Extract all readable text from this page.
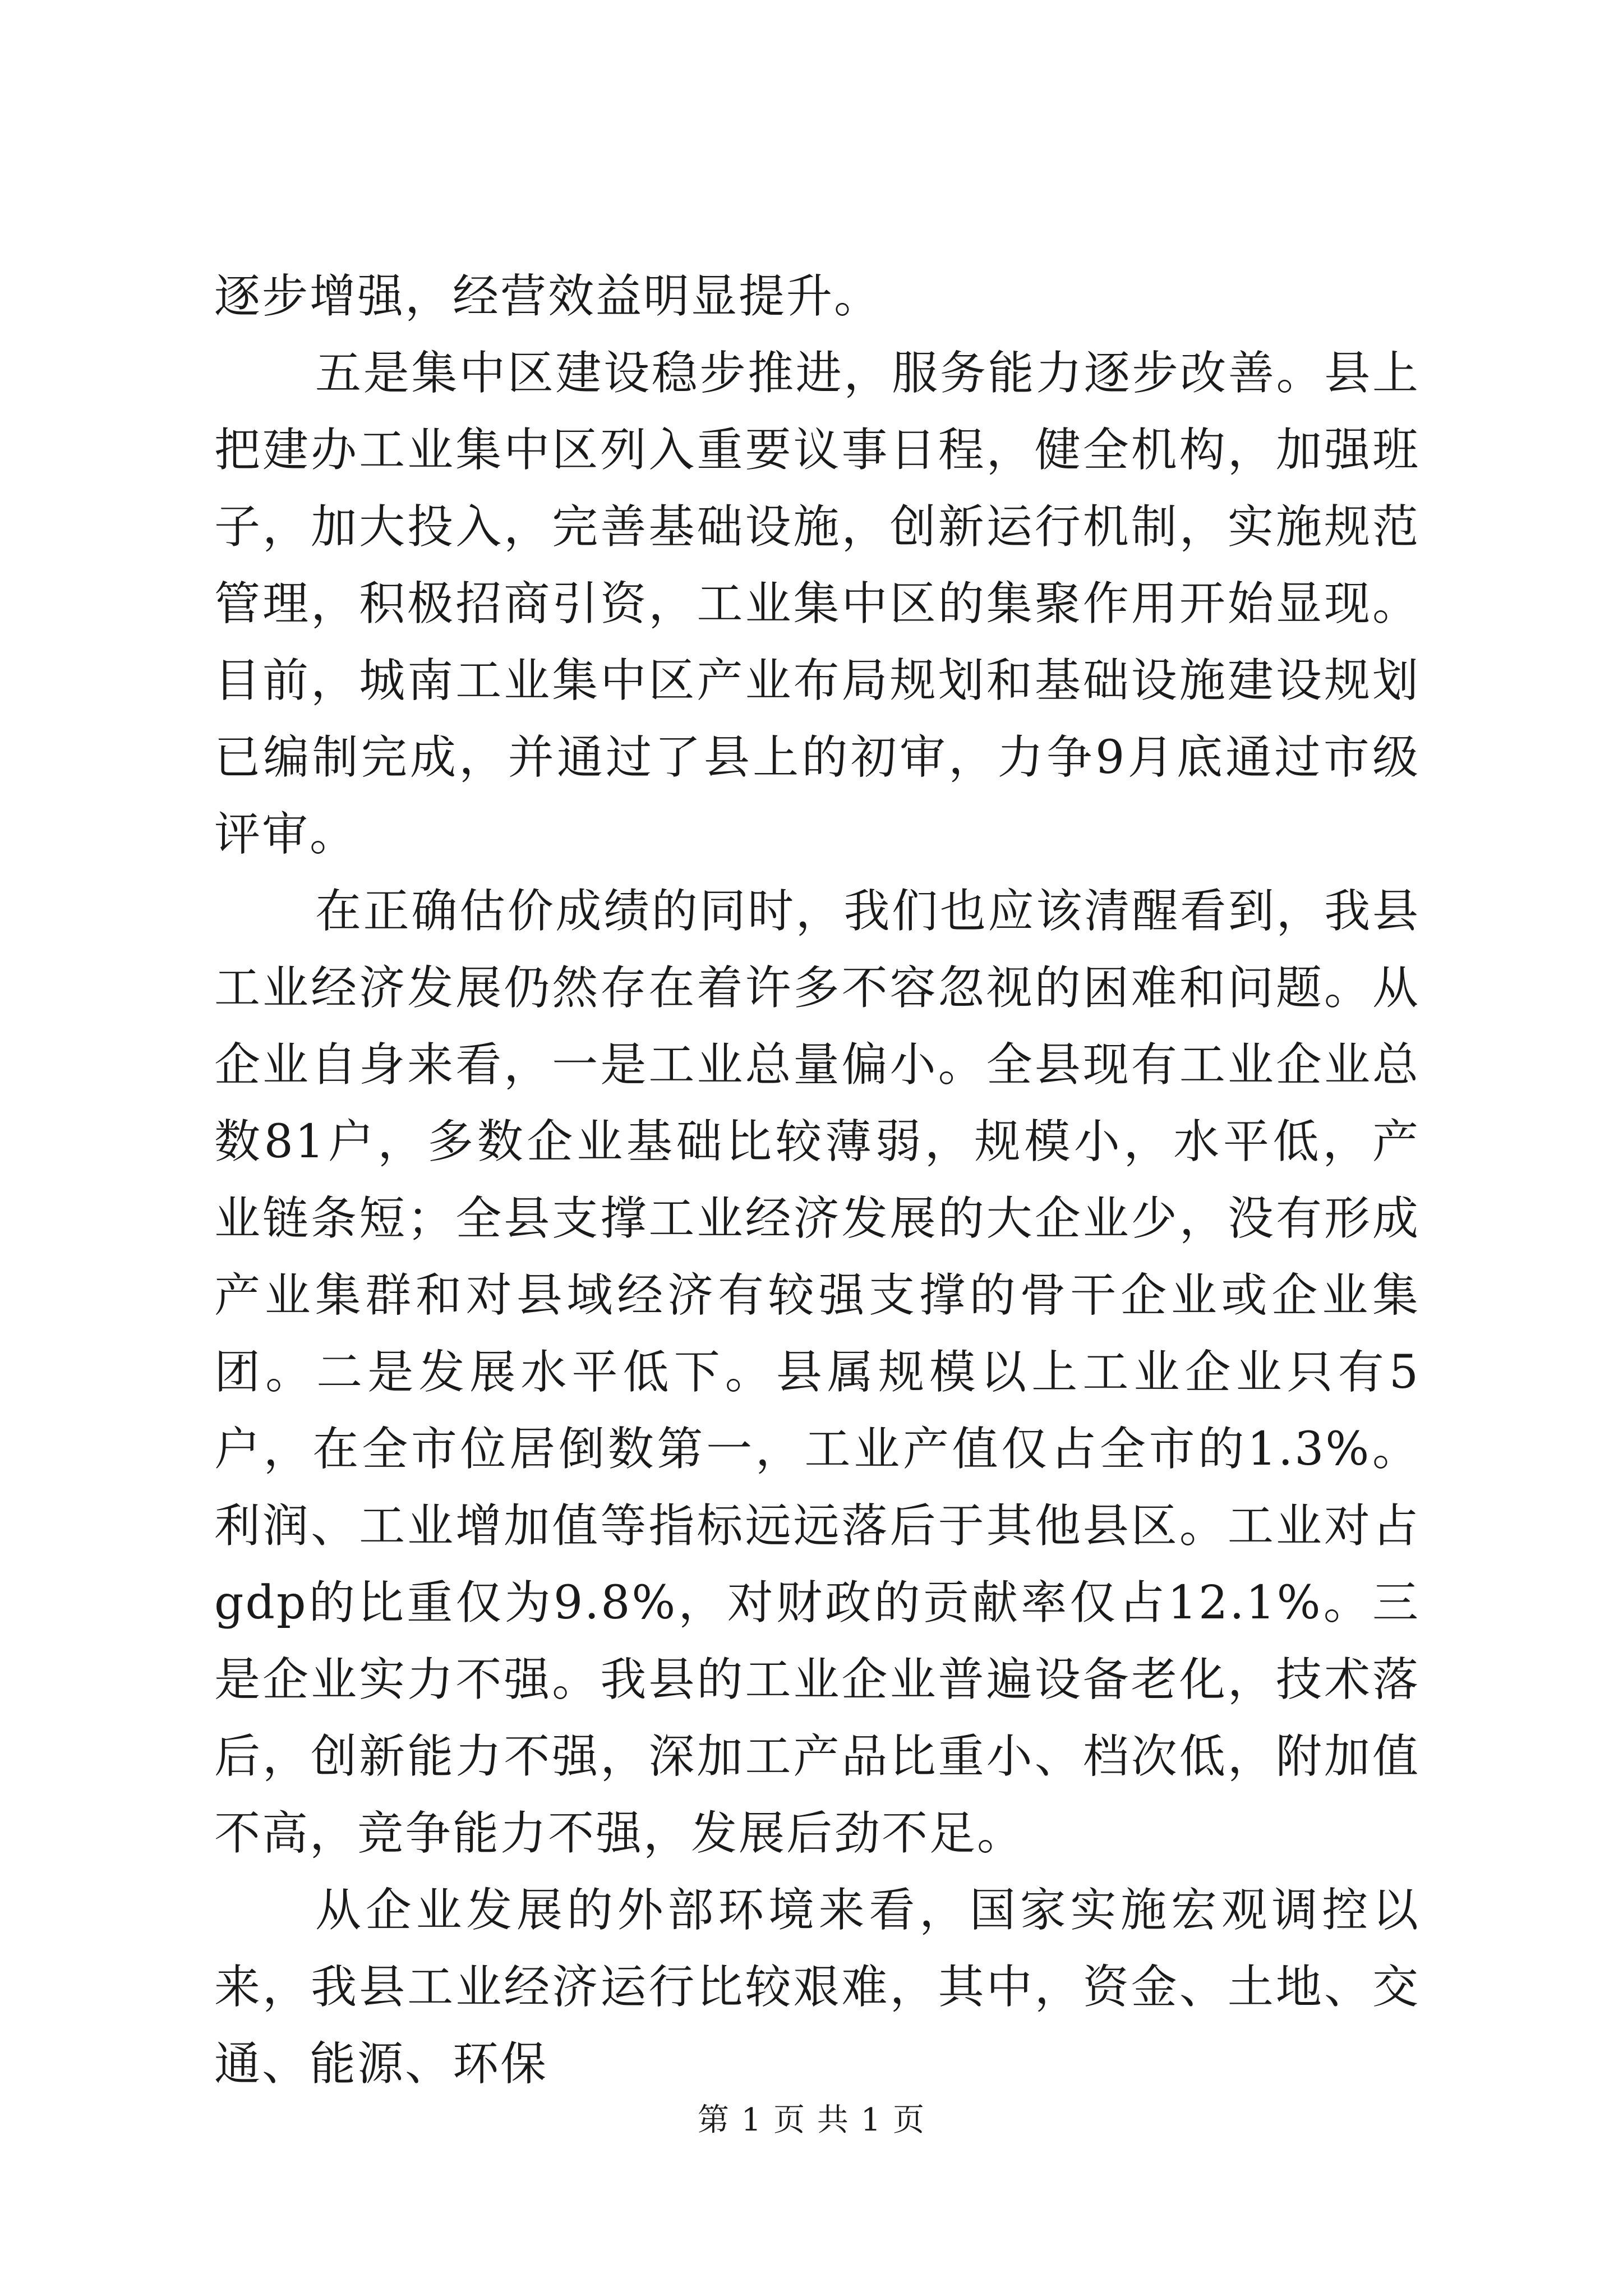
逐步增强，经营效益明显提升。

五是集中区建设稳步推进，服务能力逐步改善。县上把建办工业集中区列入重要议事日程，健全机构，加强班子，加大投入，完善基础设施，创新运行机制，实施规范管理，积极招商引资，工业集中区的集聚作用开始显现。目前，城南工业集中区产业布局规划和基础设施建设规划已编制完成，并通过了县上的初审，力争9月底通过市级评审。

在正确估价成绩的同时，我们也应该清醒看到，我县工业经济发展仍然存在着许多不容忽视的困难和问题。从企业自身来看，一是工业总量偏小。全县现有工业企业总数81户，多数企业基础比较薄弱，规模小，水平低，产业链条短；全县支撑工业经济发展的大企业少，没有形成产业集群和对县域经济有较强支撑的骨干企业或企业集团。二是发展水平低下。县属规模以上工业企业只有5户，在全市位居倒数第一，工业产值仅占全市的1.3%。利润、工业增加值等指标远远落后于其他县区。工业对占gdp的比重仅为9.8%，对财政的贡献率仅占12.1%。三是企业实力不强。我县的工业企业普遍设备老化，技术落后，创新能力不强，深加工产品比重小、档次低，附加值不高，竞争能力不强，发展后劲不足。

从企业发展的外部环境来看，国家实施宏观调控以来，我县工业经济运行比较艰难，其中，资金、土地、交通、能源、环保

第 1 页 共 1 页
